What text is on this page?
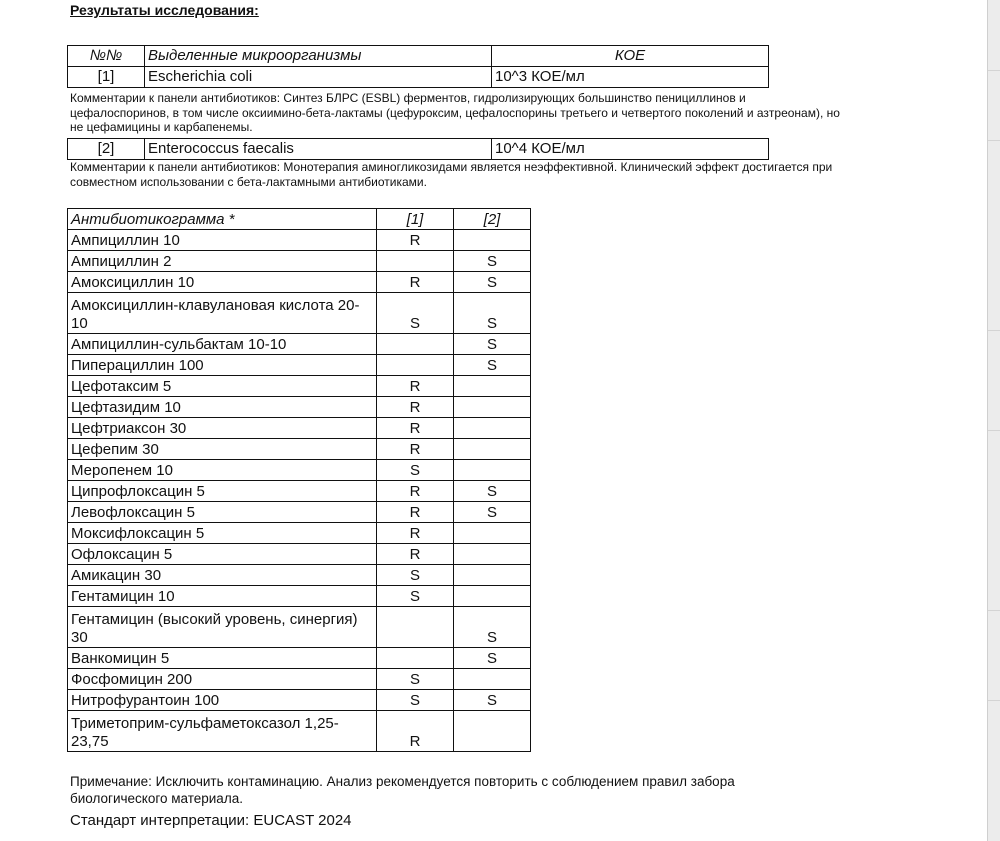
Результаты исследования:
№№	Выделенные микроорганизмы	КОЕ
[1]	Escherichia coli	10^3 КОЕ/мл
Комментарии к панели антибиотиков: Синтез БЛРС (ESBL) ферментов, гидролизирующих большинство пенициллинов и цефалоспоринов, в том числе оксиимино-бета-лактамы (цефуроксим, цефалоспорины третьего и четвертого поколений и азтреонам), но не цефамицины и карбапенемы.
[2]	Enterococcus faecalis	10^4 КОЕ/мл
Комментарии к панели антибиотиков: Монотерапия аминогликозидами является неэффективной. Клинический эффект достигается при совместном использовании с бета-лактамными антибиотиками.
Антибиотикограмма *	[1]	[2]
Ампициллин 10	R	
Ампициллин 2		S
Амоксициллин 10	R	S
Амоксициллин-клавулановая кислота 20-10	S	S
Ампициллин-сульбактам 10-10		S
Пиперациллин 100		S
Цефотаксим 5	R	
Цефтазидим 10	R	
Цефтриаксон 30	R	
Цефепим 30	R	
Меропенем 10	S	
Ципрофлоксацин 5	R	S
Левофлоксацин 5	R	S
Моксифлоксацин 5	R	
Офлоксацин 5	R	
Амикацин 30	S	
Гентамицин 10	S	
Гентамицин (высокий уровень, синергия) 30		S
Ванкомицин 5		S
Фосфомицин 200	S	
Нитрофурантоин 100	S	S
Триметоприм-сульфаметоксазол 1,25-23,75	R	
Примечание: Исключить контаминацию. Анализ рекомендуется повторить с соблюдением правил забора биологического материала.
Стандарт интерпретации: EUCAST 2024
